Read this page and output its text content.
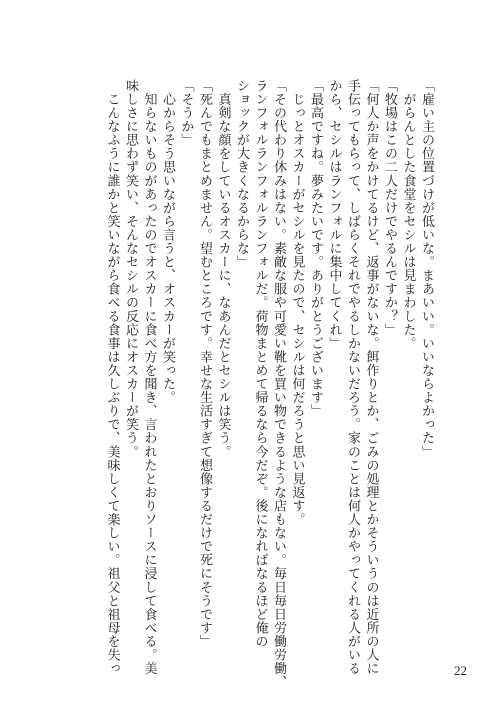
「雇い主の位置づけが低いな。まあいい。いいならよかった」
　がらんとした食堂をセシルは見まわした。
「牧場はこの二人だけでやるんですか？」
「何人か声をかけてるけど、返事がないな。餌作りとか、ごみの処理とかそういうのは近所の人に
手伝ってもらって、しばらくそれでやるしかないだろう。家のことは何人かやってくれる人がいる
から、セシルはランフォルに集中してくれ」
「最高ですね。夢みたいです。ありがとうございます」
　じっとオスカーがセシルを見たので、セシルは何だろうと思い見返す。
「その代わり休みはない。素敵な服や可愛い靴を買い物できるような店もない。毎日毎日労働労働、
ランフォルランフォルランフォルだ。荷物まとめて帰るなら今だぞ。後になればなるほど俺の
ショックが大きくなるからな」
　真剣な顔をしているオスカーに、なあんだとセシルは笑う。
「死んでもまとめません。望むところです。幸せな生活すぎて想像するだけで死にそうです」
「そうか」
　心からそう思いながら言うと、オスカーが笑った。
　知らないものがあったのでオスカーに食べ方を聞き、言われたとおりソースに浸して食べる。美
味しさに思わず笑い、そんなセシルの反応にオスカーが笑う。
　こんなふうに誰かと笑いながら食べる食事は久しぶりで、美味しくて楽しい。祖父と祖母を失っ	22
